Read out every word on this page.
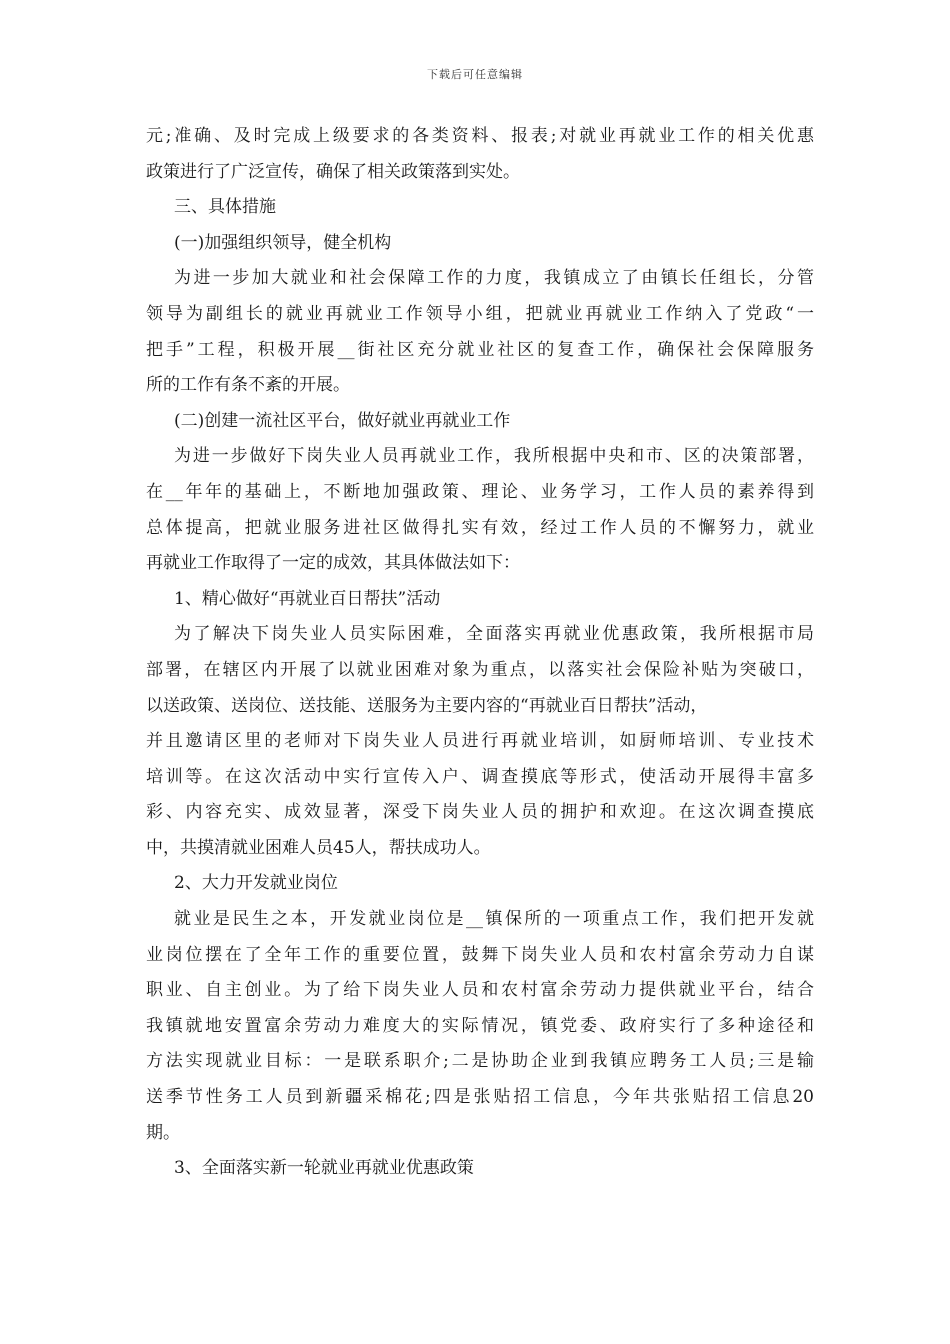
下载后可任意编辑
元;准确、及时完成上级要求的各类资料、报表;对就业再就业工作的相关优惠
政策进行了广泛宣传，确保了相关政策落到实处。
三、具体措施
(一)加强组织领导，健全机构
为进一步加大就业和社会保障工作的力度，我镇成立了由镇长任组长，分管
领导为副组长的就业再就业工作领导小组，把就业再就业工作纳入了党政“一
把手”工程，积极开展__街社区充分就业社区的复查工作，确保社会保障服务
所的工作有条不紊的开展。
(二)创建一流社区平台，做好就业再就业工作
为进一步做好下岗失业人员再就业工作，我所根据中央和市、区的决策部署，
在__年年的基础上，不断地加强政策、理论、业务学习，工作人员的素养得到
总体提高，把就业服务进社区做得扎实有效，经过工作人员的不懈努力，就业
再就业工作取得了一定的成效，其具体做法如下：
1、精心做好“再就业百日帮扶”活动
为了解决下岗失业人员实际困难，全面落实再就业优惠政策，我所根据市局
部署，在辖区内开展了以就业困难对象为重点，以落实社会保险补贴为突破口，
以送政策、送岗位、送技能、送服务为主要内容的“再就业百日帮扶”活动，
并且邀请区里的老师对下岗失业人员进行再就业培训，如厨师培训、专业技术
培训等。在这次活动中实行宣传入户、调查摸底等形式，使活动开展得丰富多
彩、内容充实、成效显著，深受下岗失业人员的拥护和欢迎。在这次调查摸底
中，共摸清就业困难人员45人，帮扶成功人。
2、大力开发就业岗位
就业是民生之本，开发就业岗位是__镇保所的一项重点工作，我们把开发就
业岗位摆在了全年工作的重要位置，鼓舞下岗失业人员和农村富余劳动力自谋
职业、自主创业。为了给下岗失业人员和农村富余劳动力提供就业平台，结合
我镇就地安置富余劳动力难度大的实际情况，镇党委、政府实行了多种途径和
方法实现就业目标：一是联系职介;二是协助企业到我镇应聘务工人员;三是输
送季节性务工人员到新疆采棉花;四是张贴招工信息，今年共张贴招工信息20
期。
3、全面落实新一轮就业再就业优惠政策
